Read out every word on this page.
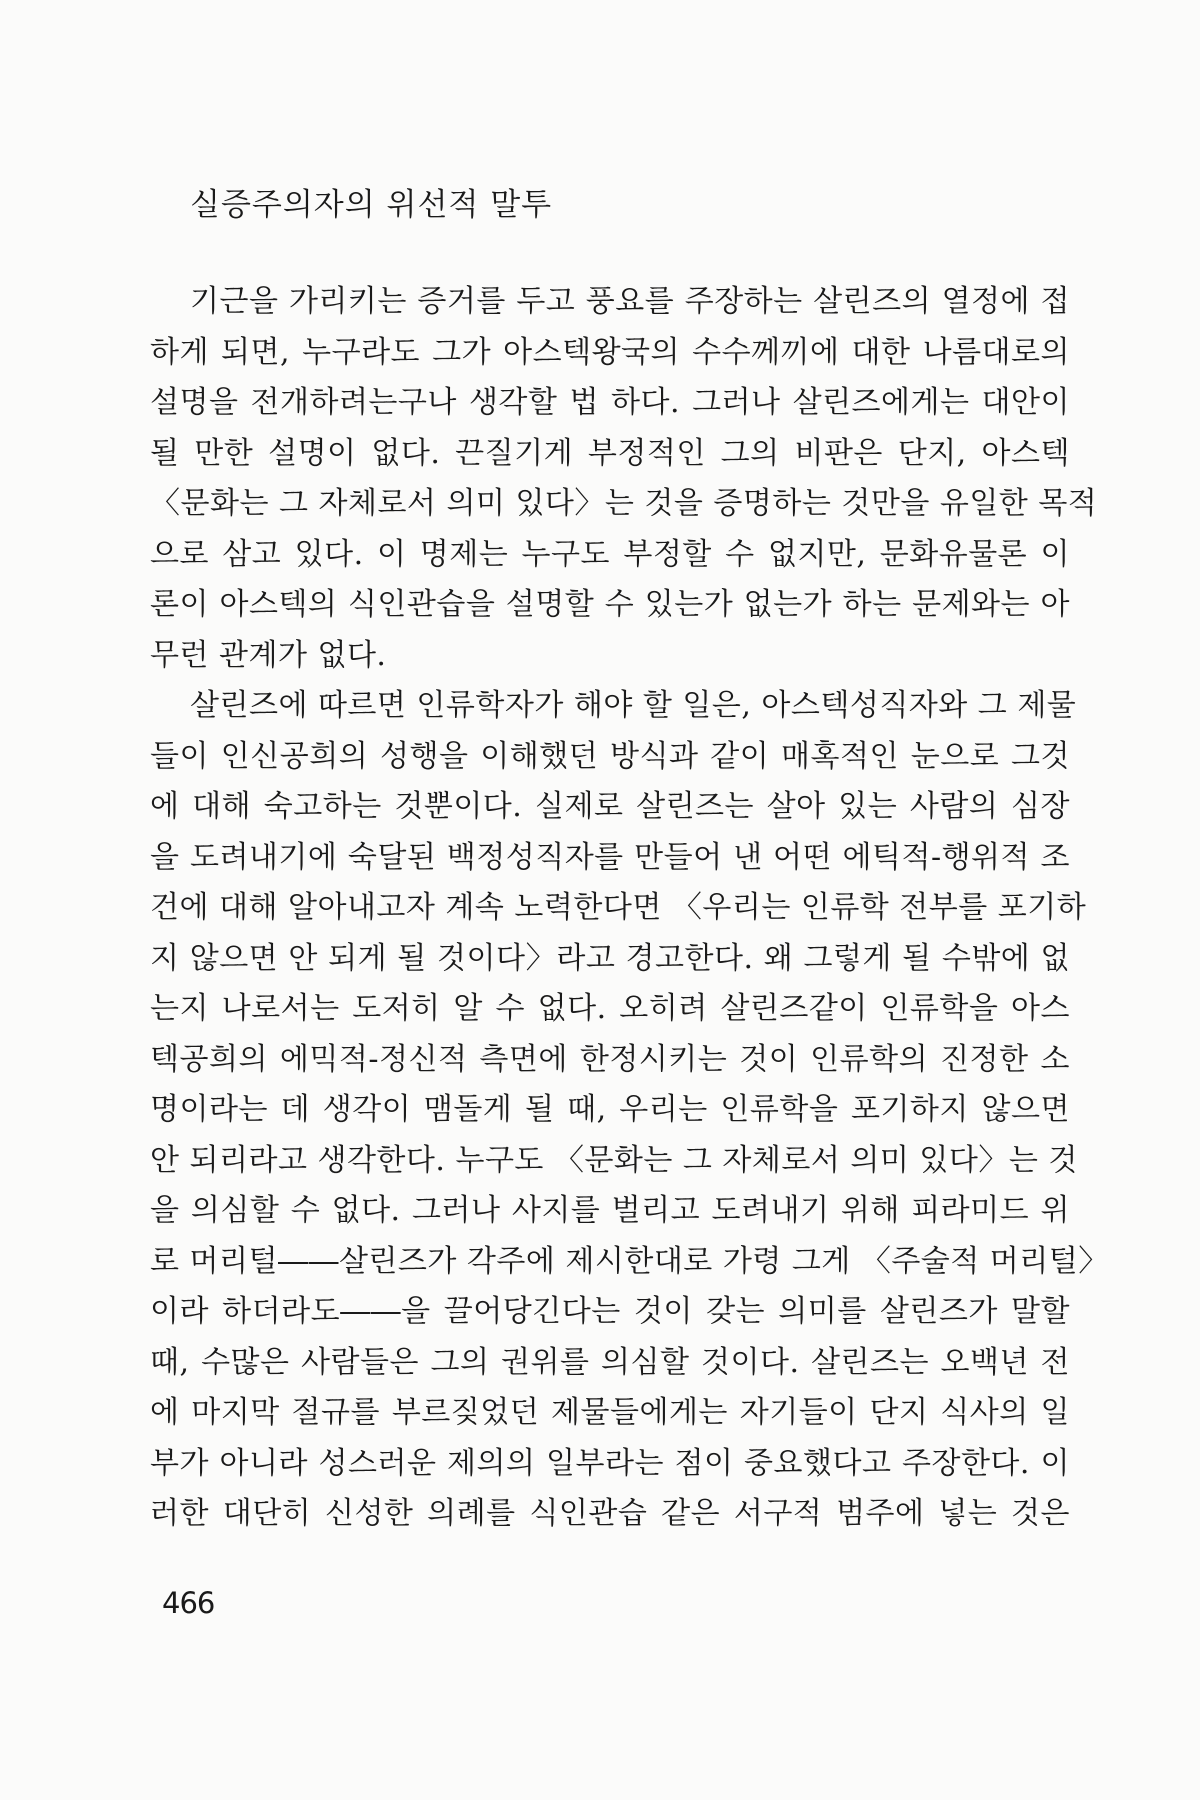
실증주의자의 위선적 말투

기근을 가리키는 증거를 두고 풍요를 주장하는 살린즈의 열정에 접
하게 되면, 누구라도 그가 아스텍왕국의 수수께끼에 대한 나름대로의
설명을 전개하려는구나 생각할 법 하다. 그러나 살린즈에게는 대안이
될 만한 설명이 없다. 끈질기게 부정적인 그의 비판은 단지, 아스텍
〈문화는 그 자체로서 의미 있다〉는 것을 증명하는 것만을 유일한 목적
으로 삼고 있다. 이 명제는 누구도 부정할 수 없지만, 문화유물론 이
론이 아스텍의 식인관습을 설명할 수 있는가 없는가 하는 문제와는 아
무런 관계가 없다.

살린즈에 따르면 인류학자가 해야 할 일은, 아스텍성직자와 그 제물
들이 인신공희의 성행을 이해했던 방식과 같이 매혹적인 눈으로 그것
에 대해 숙고하는 것뿐이다. 실제로 살린즈는 살아 있는 사람의 심장
을 도려내기에 숙달된 백정성직자를 만들어 낸 어떤 에틱적-행위적 조
건에 대해 알아내고자 계속 노력한다면 〈우리는 인류학 전부를 포기하
지 않으면 안 되게 될 것이다〉라고 경고한다. 왜 그렇게 될 수밖에 없
는지 나로서는 도저히 알 수 없다. 오히려 살린즈같이 인류학을 아스
텍공희의 에믹적-정신적 측면에 한정시키는 것이 인류학의 진정한 소
명이라는 데 생각이 맴돌게 될 때, 우리는 인류학을 포기하지 않으면
안 되리라고 생각한다. 누구도 〈문화는 그 자체로서 의미 있다〉는 것
을 의심할 수 없다. 그러나 사지를 벌리고 도려내기 위해 피라미드 위
로 머리털――살린즈가 각주에 제시한대로 가령 그게 〈주술적 머리털〉
이라 하더라도――을 끌어당긴다는 것이 갖는 의미를 살린즈가 말할
때, 수많은 사람들은 그의 권위를 의심할 것이다. 살린즈는 오백년 전
에 마지막 절규를 부르짖었던 제물들에게는 자기들이 단지 식사의 일
부가 아니라 성스러운 제의의 일부라는 점이 중요했다고 주장한다. 이
러한 대단히 신성한 의례를 식인관습 같은 서구적 범주에 넣는 것은

466
